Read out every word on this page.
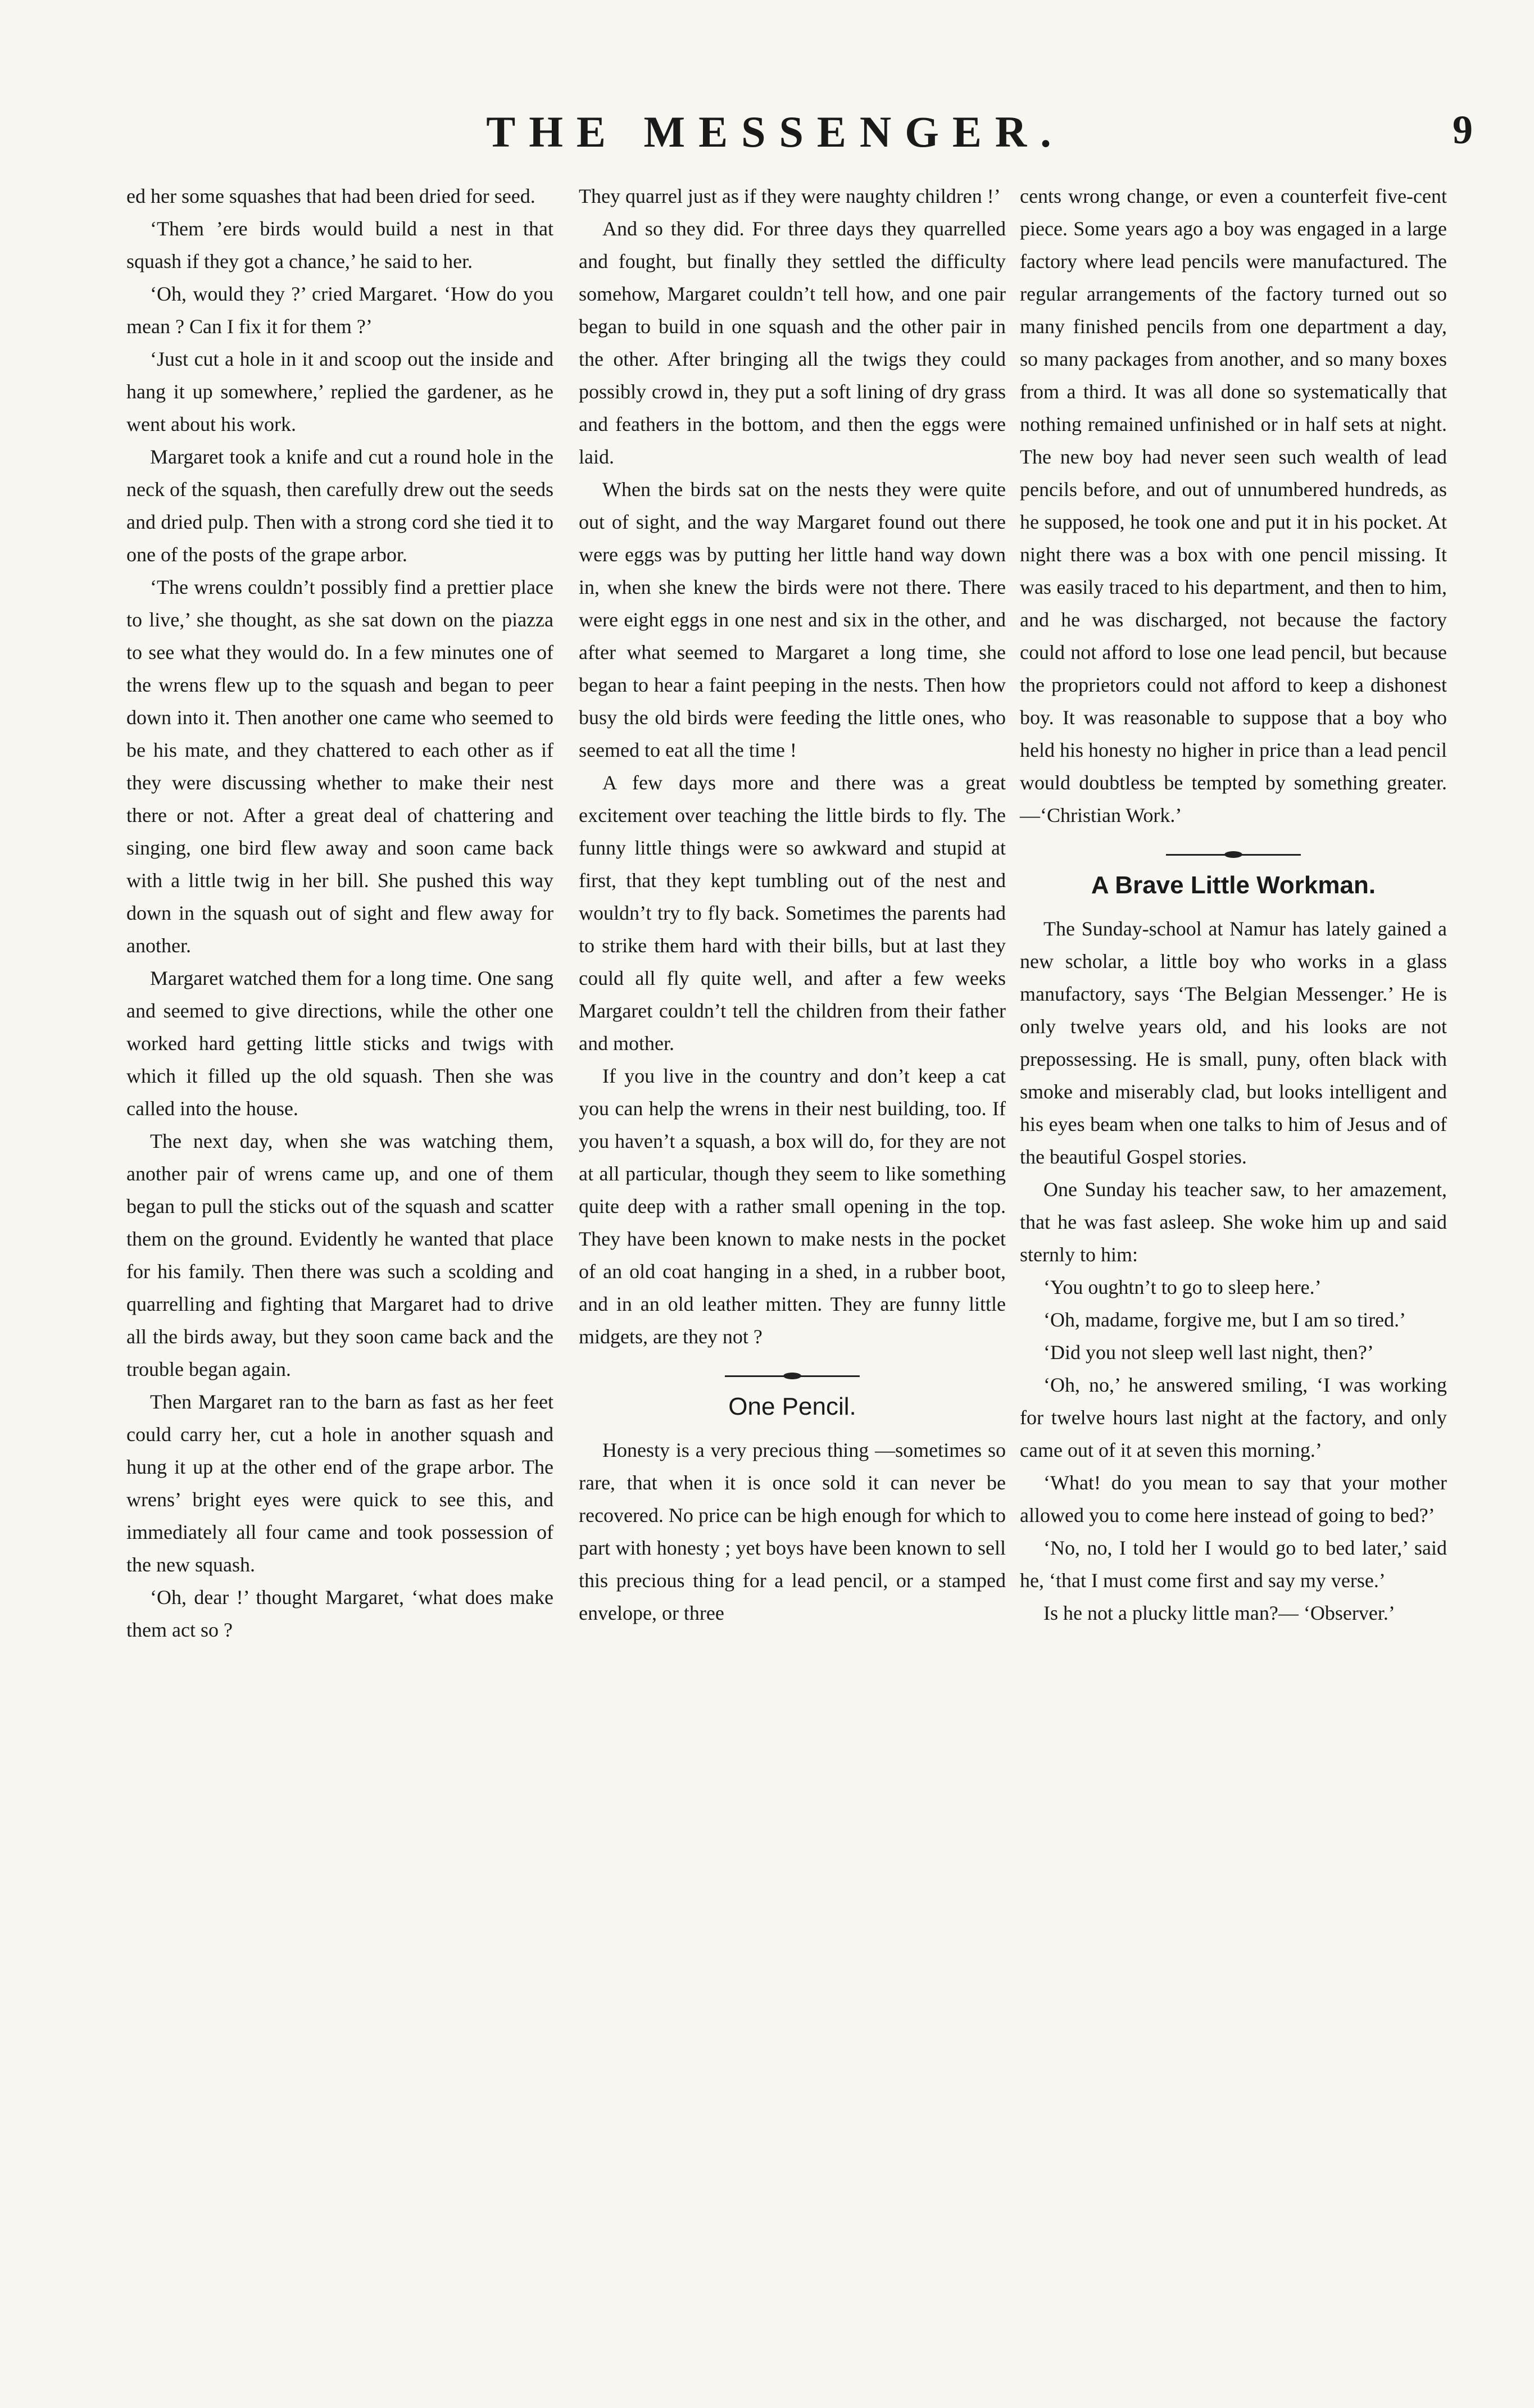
THE MESSENGER.	9

ed her some squashes that had been dried for seed.

‘Them ’ere birds would build a nest in that squash if they got a chance,’ he said to her.

‘Oh, would they ?’ cried Margaret. ‘How do you mean ? Can I fix it for them ?’

‘Just cut a hole in it and scoop out the inside and hang it up somewhere,’ replied the gardener, as he went about his work.

Margaret took a knife and cut a round hole in the neck of the squash, then carefully drew out the seeds and dried pulp. Then with a strong cord she tied it to one of the posts of the grape arbor.

‘The wrens couldn’t possibly find a prettier place to live,’ she thought, as she sat down on the piazza to see what they would do. In a few minutes one of the wrens flew up to the squash and began to peer down into it. Then another one came who seemed to be his mate, and they chattered to each other as if they were discussing whether to make their nest there or not. After a great deal of chattering and singing, one bird flew away and soon came back with a little twig in her bill. She pushed this way down in the squash out of sight and flew away for another.

Margaret watched them for a long time. One sang and seemed to give directions, while the other one worked hard getting little sticks and twigs with which it filled up the old squash. Then she was called into the house.

The next day, when she was watching them, another pair of wrens came up, and one of them began to pull the sticks out of the squash and scatter them on the ground. Evidently he wanted that place for his family. Then there was such a scolding and quarrelling and fighting that Margaret had to drive all the birds away, but they soon came back and the trouble began again.

Then Margaret ran to the barn as fast as her feet could carry her, cut a hole in another squash and hung it up at the other end of the grape arbor. The wrens’ bright eyes were quick to see this, and immediately all four came and took possession of the new squash.

‘Oh, dear !’ thought Margaret, ‘what does make them act so ?

They quarrel just as if they were naughty children !’

And so they did. For three days they quarrelled and fought, but finally they settled the difficulty somehow, Margaret couldn’t tell how, and one pair began to build in one squash and the other pair in the other. After bringing all the twigs they could possibly crowd in, they put a soft lining of dry grass and feathers in the bottom, and then the eggs were laid.

When the birds sat on the nests they were quite out of sight, and the way Margaret found out there were eggs was by putting her little hand way down in, when she knew the birds were not there. There were eight eggs in one nest and six in the other, and after what seemed to Margaret a long time, she began to hear a faint peeping in the nests. Then how busy the old birds were feeding the little ones, who seemed to eat all the time !

A few days more and there was a great excitement over teaching the little birds to fly. The funny little things were so awkward and stupid at first, that they kept tumbling out of the nest and wouldn’t try to fly back. Sometimes the parents had to strike them hard with their bills, but at last they could all fly quite well, and after a few weeks Margaret couldn’t tell the children from their father and mother.

If you live in the country and don’t keep a cat you can help the wrens in their nest building, too. If you haven’t a squash, a box will do, for they are not at all particular, though they seem to like something quite deep with a rather small opening in the top. They have been known to make nests in the pocket of an old coat hanging in a shed, in a rubber boot, and in an old leather mitten. They are funny little midgets, are they not ?

One Pencil.

Honesty is a very precious thing —sometimes so rare, that when it is once sold it can never be recovered. No price can be high enough for which to part with honesty ; yet boys have been known to sell this precious thing for a lead pencil, or a stamped envelope, or three

cents wrong change, or even a counterfeit five-cent piece. Some years ago a boy was engaged in a large factory where lead pencils were manufactured. The regular arrangements of the factory turned out so many finished pencils from one department a day, so many packages from another, and so many boxes from a third. It was all done so systematically that nothing remained unfinished or in half sets at night. The new boy had never seen such wealth of lead pencils before, and out of unnumbered hundreds, as he supposed, he took one and put it in his pocket. At night there was a box with one pencil missing. It was easily traced to his department, and then to him, and he was discharged, not because the factory could not afford to lose one lead pencil, but because the proprietors could not afford to keep a dishonest boy. It was reasonable to suppose that a boy who held his honesty no higher in price than a lead pencil would doubtless be tempted by something greater. —‘Christian Work.’

A Brave Little Workman.

The Sunday-school at Namur has lately gained a new scholar, a little boy who works in a glass manufactory, says ‘The Belgian Messenger.’ He is only twelve years old, and his looks are not prepossessing. He is small, puny, often black with smoke and miserably clad, but looks intelligent and his eyes beam when one talks to him of Jesus and of the beautiful Gospel stories.

One Sunday his teacher saw, to her amazement, that he was fast asleep. She woke him up and said sternly to him:

‘You oughtn’t to go to sleep here.’

‘Oh, madame, forgive me, but I am so tired.’

‘Did you not sleep well last night, then?’

‘Oh, no,’ he answered smiling, ‘I was working for twelve hours last night at the factory, and only came out of it at seven this morning.’

‘What! do you mean to say that your mother allowed you to come here instead of going to bed?’

‘No, no, I told her I would go to bed later,’ said he, ‘that I must come first and say my verse.’

Is he not a plucky little man?— ‘Observer.’
